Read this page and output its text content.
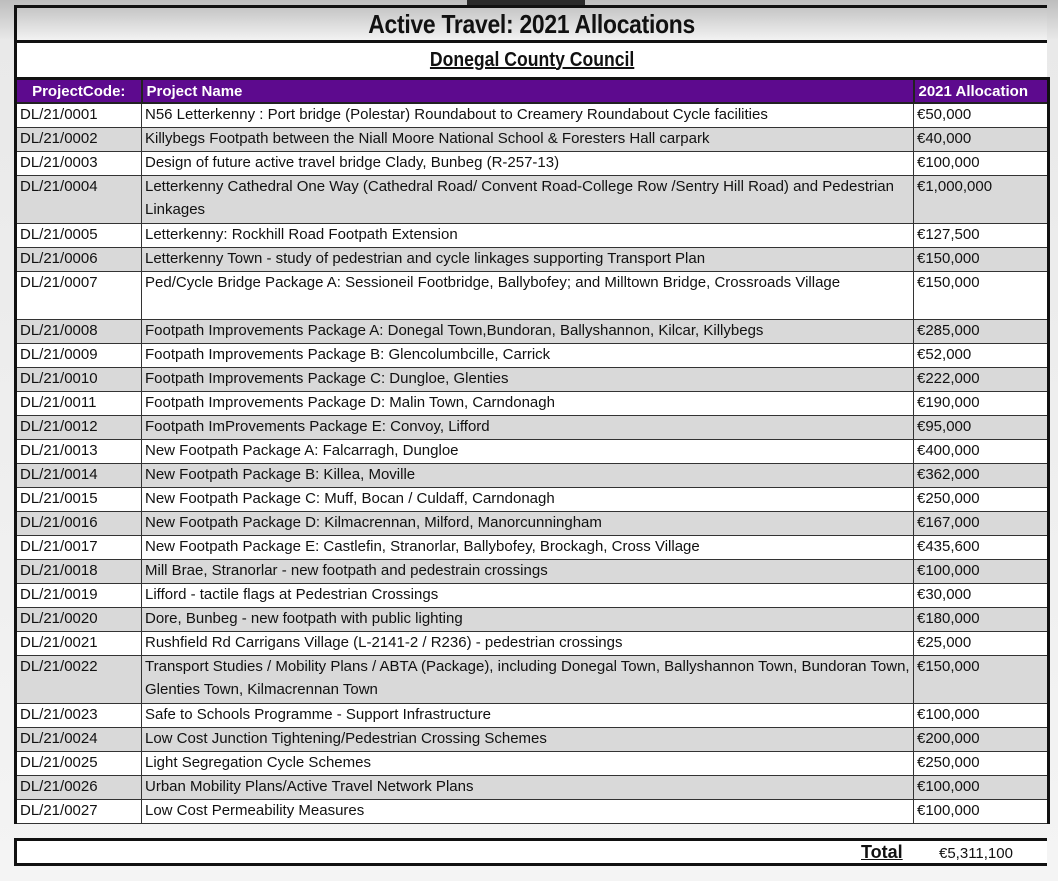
Active Travel: 2021 Allocations
Donegal County Council
ProjectCode:	Project Name	2021 Allocation
DL/21/0001	N56 Letterkenny : Port bridge (Polestar) Roundabout to Creamery Roundabout Cycle facilities	€50,000
DL/21/0002	Killybegs Footpath between the Niall Moore National School & Foresters Hall carpark	€40,000
DL/21/0003	Design of future active travel bridge Clady, Bunbeg (R-257-13)	€100,000
DL/21/0004	Letterkenny Cathedral One Way (Cathedral Road/ Convent Road-College Row /Sentry Hill Road) and Pedestrian Linkages	€1,000,000
DL/21/0005	Letterkenny: Rockhill Road Footpath Extension	€127,500
DL/21/0006	Letterkenny Town - study of pedestrian and cycle linkages supporting Transport Plan	€150,000
DL/21/0007	Ped/Cycle Bridge Package A: Sessioneil Footbridge, Ballybofey; and Milltown Bridge, Crossroads Village	€150,000
DL/21/0008	Footpath Improvements Package A: Donegal Town,Bundoran, Ballyshannon, Kilcar, Killybegs	€285,000
DL/21/0009	Footpath Improvements Package B: Glencolumbcille, Carrick	€52,000
DL/21/0010	Footpath Improvements Package C: Dungloe, Glenties	€222,000
DL/21/0011	Footpath Improvements Package D: Malin Town, Carndonagh	€190,000
DL/21/0012	Footpath ImProvements Package E: Convoy, Lifford	€95,000
DL/21/0013	New Footpath Package A: Falcarragh, Dungloe	€400,000
DL/21/0014	New Footpath Package B: Killea, Moville	€362,000
DL/21/0015	New Footpath Package C: Muff, Bocan / Culdaff, Carndonagh	€250,000
DL/21/0016	New Footpath Package D: Kilmacrennan, Milford, Manorcunningham	€167,000
DL/21/0017	New Footpath Package E: Castlefin, Stranorlar, Ballybofey, Brockagh, Cross Village	€435,600
DL/21/0018	Mill Brae, Stranorlar - new footpath and pedestrain crossings	€100,000
DL/21/0019	Lifford - tactile flags at Pedestrian Crossings	€30,000
DL/21/0020	Dore, Bunbeg - new footpath with public lighting	€180,000
DL/21/0021	Rushfield Rd Carrigans Village (L-2141-2 / R236) - pedestrian crossings	€25,000
DL/21/0022	Transport Studies / Mobility Plans / ABTA (Package), including Donegal Town, Ballyshannon Town, Bundoran Town, Glenties Town, Kilmacrennan Town	€150,000
DL/21/0023	Safe to Schools Programme - Support Infrastructure	€100,000
DL/21/0024	Low Cost Junction Tightening/Pedestrian Crossing Schemes	€200,000
DL/21/0025	Light Segregation Cycle Schemes	€250,000
DL/21/0026	Urban Mobility Plans/Active Travel Network Plans	€100,000
DL/21/0027	Low Cost Permeability Measures	€100,000
Total €5,311,100
